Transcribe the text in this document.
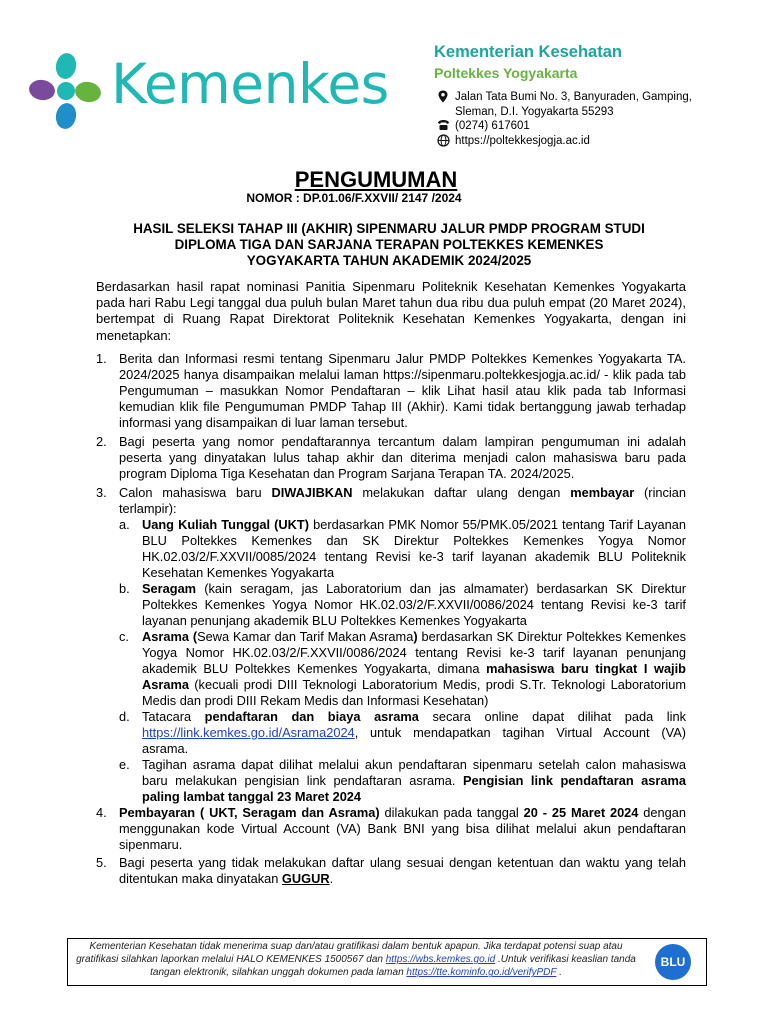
Kemenkes	Kementerian Kesehatan
Poltekkes Yogyakarta
Jalan Tata Bumi No. 3, Banyuraden, Gamping,
Sleman, D.I. Yogyakarta 55293
(0274) 617601
https://poltekkesjogja.ac.id
PENGUMUMAN
NOMOR : DP.01.06/F.XXVII/ 2147 /2024
HASIL SELEKSI TAHAP III (AKHIR) SIPENMARU JALUR PMDP PROGRAM STUDI
DIPLOMA TIGA DAN SARJANA TERAPAN POLTEKKES KEMENKES
YOGYAKARTA TAHUN AKADEMIK 2024/2025
Berdasarkan hasil rapat nominasi Panitia Sipenmaru Politeknik Kesehatan Kemenkes Yogyakarta pada hari Rabu Legi tanggal dua puluh bulan Maret tahun dua ribu dua puluh empat (20 Maret 2024), bertempat di Ruang Rapat Direktorat Politeknik Kesehatan Kemenkes Yogyakarta, dengan ini menetapkan:
1. Berita dan Informasi resmi tentang Sipenmaru Jalur PMDP Poltekkes Kemenkes Yogyakarta TA. 2024/2025 hanya disampaikan melalui laman https://sipenmaru.poltekkesjogja.ac.id/ - klik pada tab Pengumuman – masukkan Nomor Pendaftaran – klik Lihat hasil atau klik pada tab Informasi kemudian klik file Pengumuman PMDP Tahap III (Akhir). Kami tidak bertanggung jawab terhadap informasi yang disampaikan di luar laman tersebut.
2. Bagi peserta yang nomor pendaftarannya tercantum dalam lampiran pengumuman ini adalah peserta yang dinyatakan lulus tahap akhir dan diterima menjadi calon mahasiswa baru pada program Diploma Tiga Kesehatan dan Program Sarjana Terapan TA. 2024/2025.
3. Calon mahasiswa baru DIWAJIBKAN melakukan daftar ulang dengan membayar (rincian terlampir):
a. Uang Kuliah Tunggal (UKT) berdasarkan PMK Nomor 55/PMK.05/2021 tentang Tarif Layanan BLU Poltekkes Kemenkes dan SK Direktur Poltekkes Kemenkes Yogya Nomor HK.02.03/2/F.XXVII/0085/2024 tentang Revisi ke-3 tarif layanan akademik BLU Politeknik Kesehatan Kemenkes Yogyakarta
b. Seragam (kain seragam, jas Laboratorium dan jas almamater) berdasarkan SK Direktur Poltekkes Kemenkes Yogya Nomor HK.02.03/2/F.XXVII/0086/2024 tentang Revisi ke-3 tarif layanan penunjang akademik BLU Poltekkes Kemenkes Yogyakarta
c.	Asrama (Sewa Kamar dan Tarif Makan Asrama) berdasarkan SK Direktur Poltekkes Kemenkes Yogya Nomor HK.02.03/2/F.XXVII/0086/2024 tentang Revisi ke-3 tarif layanan penunjang akademik BLU Poltekkes Kemenkes Yogyakarta, dimana mahasiswa baru tingkat I wajib Asrama (kecuali prodi DIII Teknologi Laboratorium Medis, prodi S.Tr. Teknologi Laboratorium Medis dan prodi DIII Rekam Medis dan Informasi Kesehatan)
d. Tatacara pendaftaran dan biaya asrama secara online dapat dilihat pada link https://link.kemkes.go.id/Asrama2024, untuk mendapatkan tagihan Virtual Account (VA) asrama.
e. Tagihan asrama dapat dilihat melalui akun pendaftaran sipenmaru setelah calon mahasiswa baru melakukan pengisian link pendaftaran asrama. Pengisian link pendaftaran asrama paling lambat tanggal 23 Maret 2024
4. Pembayaran ( UKT, Seragam dan Asrama) dilakukan pada tanggal 20 - 25 Maret 2024 dengan menggunakan kode Virtual Account (VA) Bank BNI yang bisa dilihat melalui akun pendaftaran sipenmaru.
5. Bagi peserta yang tidak melakukan daftar ulang sesuai dengan ketentuan dan waktu yang telah ditentukan maka dinyatakan GUGUR.
Kementerian Kesehatan tidak menerima suap dan/atau gratifikasi dalam bentuk apapun. Jika terdapat potensi suap atau gratifikasi silahkan laporkan melalui HALO KEMENKES 1500567 dan https://wbs.kemkes.go.id .Untuk verifikasi keaslian tanda tangan elektronik, silahkan unggah dokumen pada laman https://tte.kominfo.go.id/verifyPDF .
BLU
